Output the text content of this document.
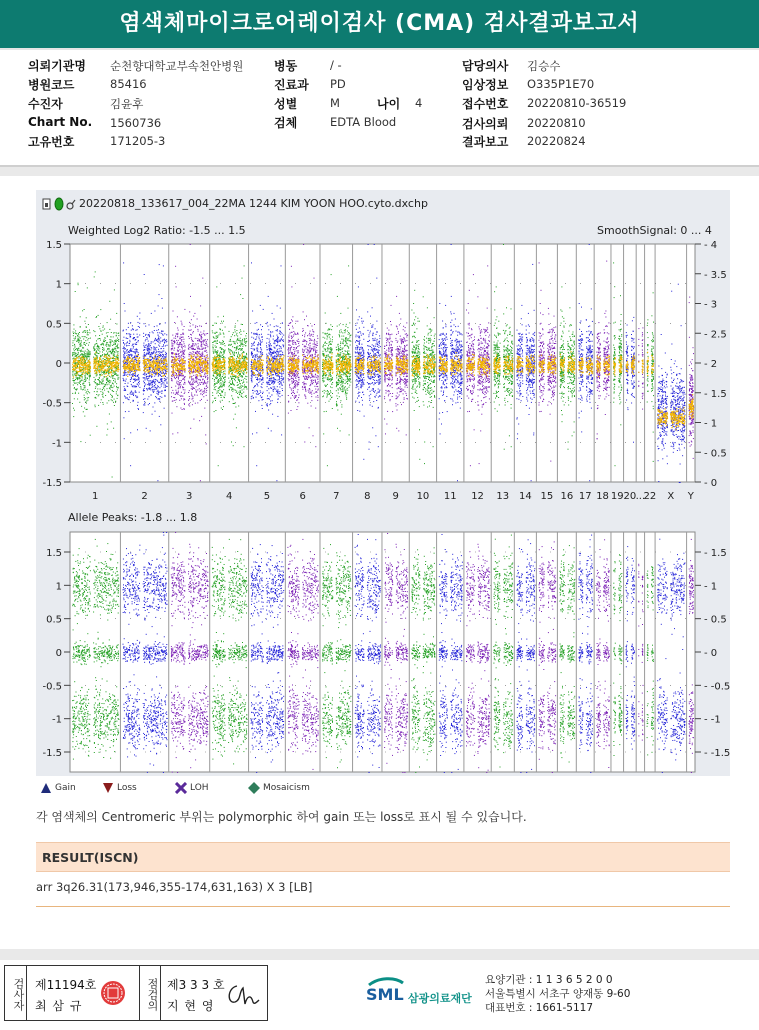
염색체마이크로어레이검사 (CMA) 검사결과보고서
의뢰기관명 순천향대학교부속천안병원
병원코드	85416
수진자	김윤후
Chart No. 1560736
고유번호	171205-3
병동	/ -
진료과 PD
성별	M	나이 4
검체	EDTA Blood
담당의사 김승수
임상정보 O335P1E70
접수번호 20220810-36519
검사의뢰 20220810
결과보고 20220824
20220818_133617_004_22MA 1244 KIM YOON HOO.cyto.dxchp
Weighted Log2 Ratio: -1.5 ... 1.5	SmoothSignal: 0 ... 4
Allele Peaks: -1.8 ... 1.8
1.5
1
0.5
0
-0.5
-1
-1.5
- 4
- 3.5
- 3
- 2.5
- 2
- 1.5
- 1
- 0.5
- 0
1.5
1
0.5
0
-0.5
-1
-1.5
- 1.5
- 1
- 0.5
- 0
- -0.5
- -1
- -1.5
1	2	3	4	5	6	7 8 9 10 11 12 13 14 15 16 17 18 19 20 ...
22 X Y
Gain	Loss	LOH	Mosaicism
각 염색체의 Centromeric 부위는 polymorphic 하여 gain 또는 loss로 표시 될 수 있습니다.
RESULT(ISCN)
arr 3q26.31(173,946,355-174,631,163) X 3 [LB]
검사자 제11194호
최 삼 규	점검의 제3 3 3 호
지 현 영
SML 삼광의료재단
요양기관 : 1 1 3 6 5 2 0 0
서울특별시 서초구 양재동 9-60
대표번호 : 1661-5117
